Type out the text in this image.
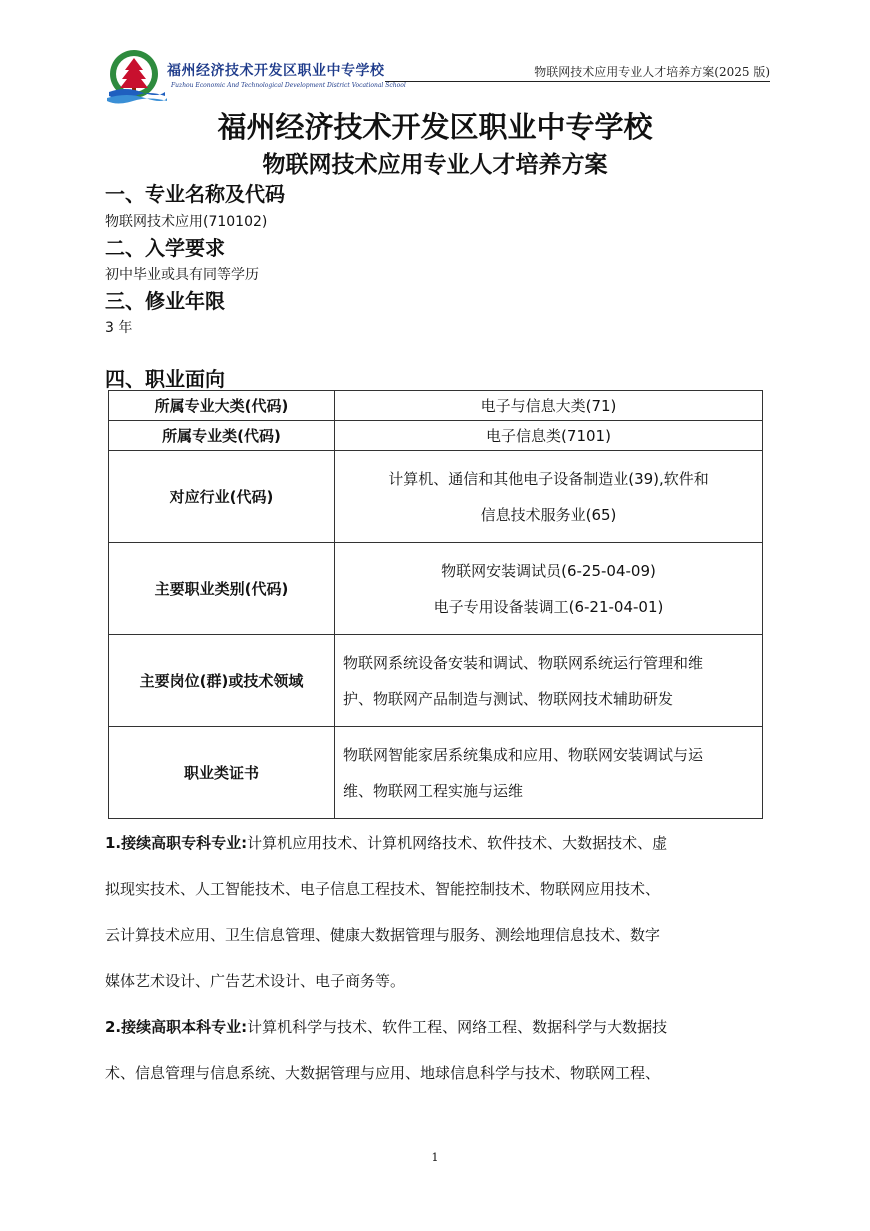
福州经济技术开发区职业中专学校
Fuzhou Economic And Technological Development District Vocational School
物联网技术应用专业人才培养方案(2025 版)
福州经济技术开发区职业中专学校
物联网技术应用专业人才培养方案
一、专业名称及代码
物联网技术应用(710102)
二、入学要求
初中毕业或具有同等学历
三、修业年限
3 年
四、职业面向
所属专业大类(代码)	电子与信息大类(71)
所属专业类(代码)	电子信息类(7101)
对应行业(代码)	计算机、通信和其他电子设备制造业(39),软件和
信息技术服务业(65)

主要职业类别(代码)	物联网安装调试员(6-25-04-09)
电子专用设备装调工(6-21-04-01)

主要岗位(群)或技术领域	物联网系统设备安装和调试、物联网系统运行管理和维
护、物联网产品制造与测试、物联网技术辅助研发

职业类证书	物联网智能家居系统集成和应用、物联网安装调试与运
维、物联网工程实施与运维
1.接续高职专科专业:计算机应用技术、计算机网络技术、软件技术、大数据技术、虚
拟现实技术、人工智能技术、电子信息工程技术、智能控制技术、物联网应用技术、
云计算技术应用、卫生信息管理、健康大数据管理与服务、测绘地理信息技术、数字
媒体艺术设计、广告艺术设计、电子商务等。
2.接续高职本科专业:计算机科学与技术、软件工程、网络工程、数据科学与大数据技
术、信息管理与信息系统、大数据管理与应用、地球信息科学与技术、物联网工程、
1
